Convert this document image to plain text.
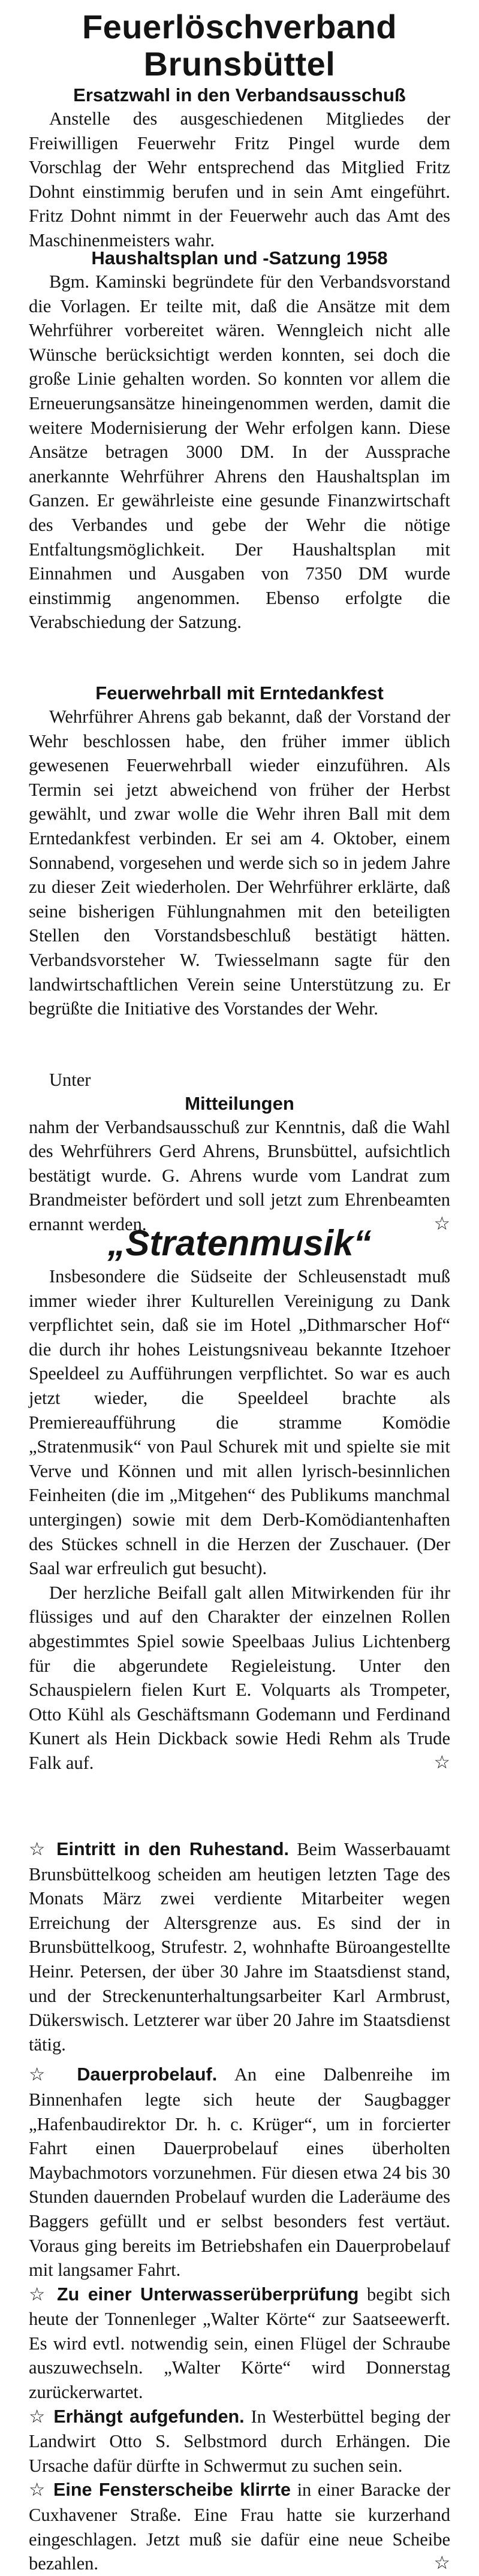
Feuerlöschverband
Brunsbüttel
Ersatzwahl in den Verbandsausschuß

Anstelle des ausgeschiedenen Mitgliedes der Freiwilligen Feuerwehr Fritz Pingel wurde dem Vorschlag der Wehr entsprechend das Mitglied Fritz Dohnt einstimmig berufen und in sein Amt eingeführt. Fritz Dohnt nimmt in der Feuerwehr auch das Amt des Maschinenmeisters wahr.

Haushaltsplan und -Satzung 1958

Bgm. Kaminski begründete für den Verbandsvorstand die Vorlagen. Er teilte mit, daß die Ansätze mit dem Wehrführer vorbereitet wären. Wenngleich nicht alle Wünsche berücksichtigt werden konnten, sei doch die große Linie gehalten worden. So konnten vor allem die Erneuerungsansätze hineingenommen werden, damit die weitere Modernisierung der Wehr erfolgen kann. Diese Ansätze betragen 3000 DM. In der Aussprache anerkannte Wehrführer Ahrens den Haushaltsplan im Ganzen. Er gewährleiste eine gesunde Finanzwirtschaft des Verbandes und gebe der Wehr die nötige Entfaltungsmöglichkeit. Der Haushaltsplan mit Einnahmen und Ausgaben von 7350 DM wurde einstimmig angenommen. Ebenso erfolgte die Verabschiedung der Satzung.

Feuerwehrball mit Erntedankfest

Wehrführer Ahrens gab bekannt, daß der Vorstand der Wehr beschlossen habe, den früher immer üblich gewesenen Feuerwehrball wieder einzuführen. Als Termin sei jetzt abweichend von früher der Herbst gewählt, und zwar wolle die Wehr ihren Ball mit dem Erntedankfest verbinden. Er sei am 4. Oktober, einem Sonnabend, vorgesehen und werde sich so in jedem Jahre zu dieser Zeit wiederholen. Der Wehrführer erklärte, daß seine bisherigen Fühlungnahmen mit den beteiligten Stellen den Vorstandsbeschluß bestätigt hätten. Verbandsvorsteher W. Twiesselmann sagte für den landwirtschaftlichen Verein seine Unterstützung zu. Er begrüßte die Initiative des Vorstandes der Wehr.

Unter

Mitteilungen

nahm der Verbandsausschuß zur Kenntnis, daß die Wahl des Wehrführers Gerd Ahrens, Brunsbüttel, aufsichtlich bestätigt wurde. G. Ahrens wurde vom Landrat zum Brandmeister befördert und soll jetzt zum Ehrenbeamten ernannt werden.	☆

„Stratenmusik“

Insbesondere die Südseite der Schleusenstadt muß immer wieder ihrer Kulturellen Vereinigung zu Dank verpflichtet sein, daß sie im Hotel „Dithmarscher Hof“ die durch ihr hohes Leistungsniveau bekannte Itzehoer Speeldeel zu Aufführungen verpflichtet. So war es auch jetzt wieder, die Speeldeel brachte als Premiereaufführung die stramme Komödie „Stratenmusik“ von Paul Schurek mit und spielte sie mit Verve und Können und mit allen lyrisch-besinnlichen Feinheiten (die im „Mitgehen“ des Publikums manchmal untergingen) sowie mit dem Derb-Komödiantenhaften des Stückes schnell in die Herzen der Zuschauer. (Der Saal war erfreulich gut besucht).

Der herzliche Beifall galt allen Mitwirkenden für ihr flüssiges und auf den Charakter der einzelnen Rollen abgestimmtes Spiel sowie Speelbaas Julius Lichtenberg für die abgerundete Regieleistung. Unter den Schauspielern fielen Kurt E. Volquarts als Trompeter, Otto Kühl als Geschäftsmann Godemann und Ferdinand Kunert als Hein Dickback sowie Hedi Rehm als Trude Falk auf.	☆

☆ Eintritt in den Ruhestand. Beim Wasserbauamt Brunsbüttelkoog scheiden am heutigen letzten Tage des Monats März zwei verdiente Mitarbeiter wegen Erreichung der Altersgrenze aus. Es sind der in Brunsbüttelkoog, Strufestr. 2, wohnhafte Büroangestellte Heinr. Petersen, der über 30 Jahre im Staatsdienst stand, und der Streckenunterhaltungsarbeiter Karl Armbrust, Dükerswisch. Letzterer war über 20 Jahre im Staatsdienst tätig.

☆ Dauerprobelauf. An eine Dalbenreihe im Binnenhafen legte sich heute der Saugbagger „Hafenbaudirektor Dr. h. c. Krüger“, um in forcierter Fahrt einen Dauerprobelauf eines überholten Maybachmotors vorzunehmen. Für diesen etwa 24 bis 30 Stunden dauernden Probelauf wurden die Laderäume des Baggers gefüllt und er selbst besonders fest vertäut. Voraus ging bereits im Betriebshafen ein Dauerprobelauf mit langsamer Fahrt.

☆ Zu einer Unterwasserüberprüfung begibt sich heute der Tonnenleger „Walter Körte“ zur Saatseewerft. Es wird evtl. notwendig sein, einen Flügel der Schraube auszuwechseln. „Walter Körte“ wird Donnerstag zurückerwartet.

☆ Erhängt aufgefunden. In Westerbüttel beging der Landwirt Otto S. Selbstmord durch Erhängen. Die Ursache dafür dürfte in Schwermut zu suchen sein.

☆ Eine Fensterscheibe klirrte in einer Baracke der Cuxhavener Straße. Eine Frau hatte sie kurzerhand eingeschlagen. Jetzt muß sie dafür eine neue Scheibe bezahlen.	☆
